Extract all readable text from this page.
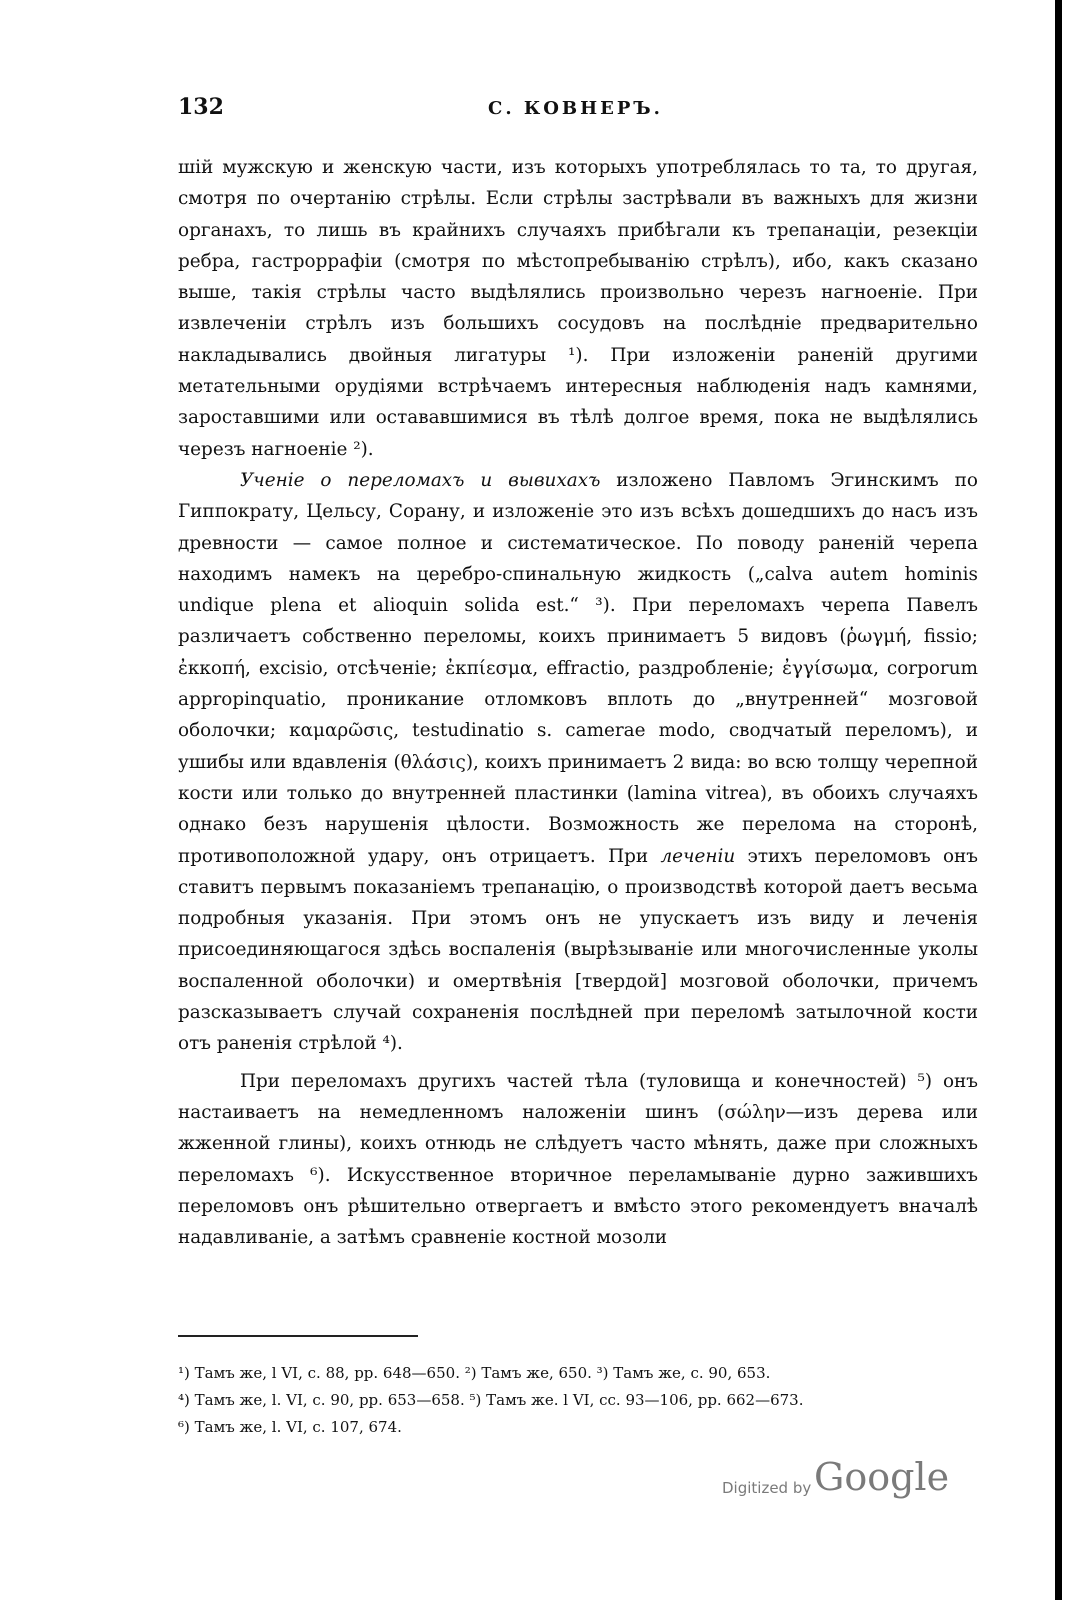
132	С. КОВНЕРЪ.

шій мужскую и женскую части, изъ которыхъ употреблялась то та, то другая, смотря по очертанію стрѣлы. Если стрѣлы застрѣвали въ важныхъ для жизни органахъ, то лишь въ крайнихъ случаяхъ прибѣгали къ трепанаціи, резекціи ребра, гастроррафіи (смотря по мѣстопребыванію стрѣлъ), ибо, какъ сказано выше, такія стрѣлы часто выдѣлялись произвольно черезъ нагноеніе. При извлеченіи стрѣлъ изъ большихъ сосудовъ на послѣдніе предварительно накладывались двойныя лигатуры ¹). При изложеніи раненій другими метательными орудіями встрѣчаемъ интересныя наблюденія надъ камнями, зароставшими или остававшимися въ тѣлѣ долгое время, пока не выдѣлялись черезъ нагноеніе ²).

Ученіе о переломахъ и вывихахъ изложено Павломъ Эгинскимъ по Гиппократу, Цельсу, Сорану, и изложеніе это изъ всѣхъ дошедшихъ до насъ изъ древности — самое полное и систематическое. По поводу раненій черепа находимъ намекъ на церебро-спинальную жидкость („calva autem hominis undique plena et alioquin solida est.“ ³). При переломахъ черепа Павелъ различаетъ собственно переломы, коихъ принимаетъ 5 видовъ (ῥωγμή, fissio; ἐκκοπή, excisio, отсѣченіе; ἐκπίεσμα, effractio, раздробленіе; ἐγγίσωμα, corporum appropinquatio, проникание отломковъ вплоть до „внутренней“ мозговой оболочки; καμαρῶσις, testudinatio s. camerae modo, сводчатый переломъ), и ушибы или вдавленія (θλάσις), коихъ принимаетъ 2 вида: во всю толщу черепной кости или только до внутренней пластинки (lamina vitrea), въ обоихъ случаяхъ однако безъ нарушенія цѣлости. Возможность же перелома на сторонѣ, противоположной удару, онъ отрицаетъ. При леченіи этихъ переломовъ онъ ставитъ первымъ показаніемъ трепанацію, о производствѣ которой даетъ весьма подробныя указанія. При этомъ онъ не упускаетъ изъ виду и леченія присоединяющагося здѣсь воспаленія (вырѣзываніе или многочисленные уколы воспаленной оболочки) и омертвѣнія [твердой] мозговой оболочки, причемъ разсказываетъ случай сохраненія послѣдней при переломѣ затылочной кости отъ раненія стрѣлой ⁴).

При переломахъ другихъ частей тѣла (туловища и конечностей) ⁵) онъ настаиваетъ на немедленномъ наложеніи шинъ (σώλην—изъ дерева или жженной глины), коихъ отнюдь не слѣдуетъ часто мѣнять, даже при сложныхъ переломахъ ⁶). Искусственное вторичное переламываніе дурно зажившихъ переломовъ онъ рѣшительно отвергаетъ и вмѣсто этого рекомендуетъ вначалѣ надавливаніе, а затѣмъ сравненіе костной мозоли

¹) Тамъ же, l VI, c. 88, pp. 648—650. ²) Тамъ же, 650. ³) Тамъ же, с. 90, 653.

⁴) Тамъ же, l. VI, c. 90, pp. 653—658. ⁵) Тамъ же. l VI, cc. 93—106, pp. 662—673.

⁶) Тамъ же, l. VI, c. 107, 674.

Digitized by Google
